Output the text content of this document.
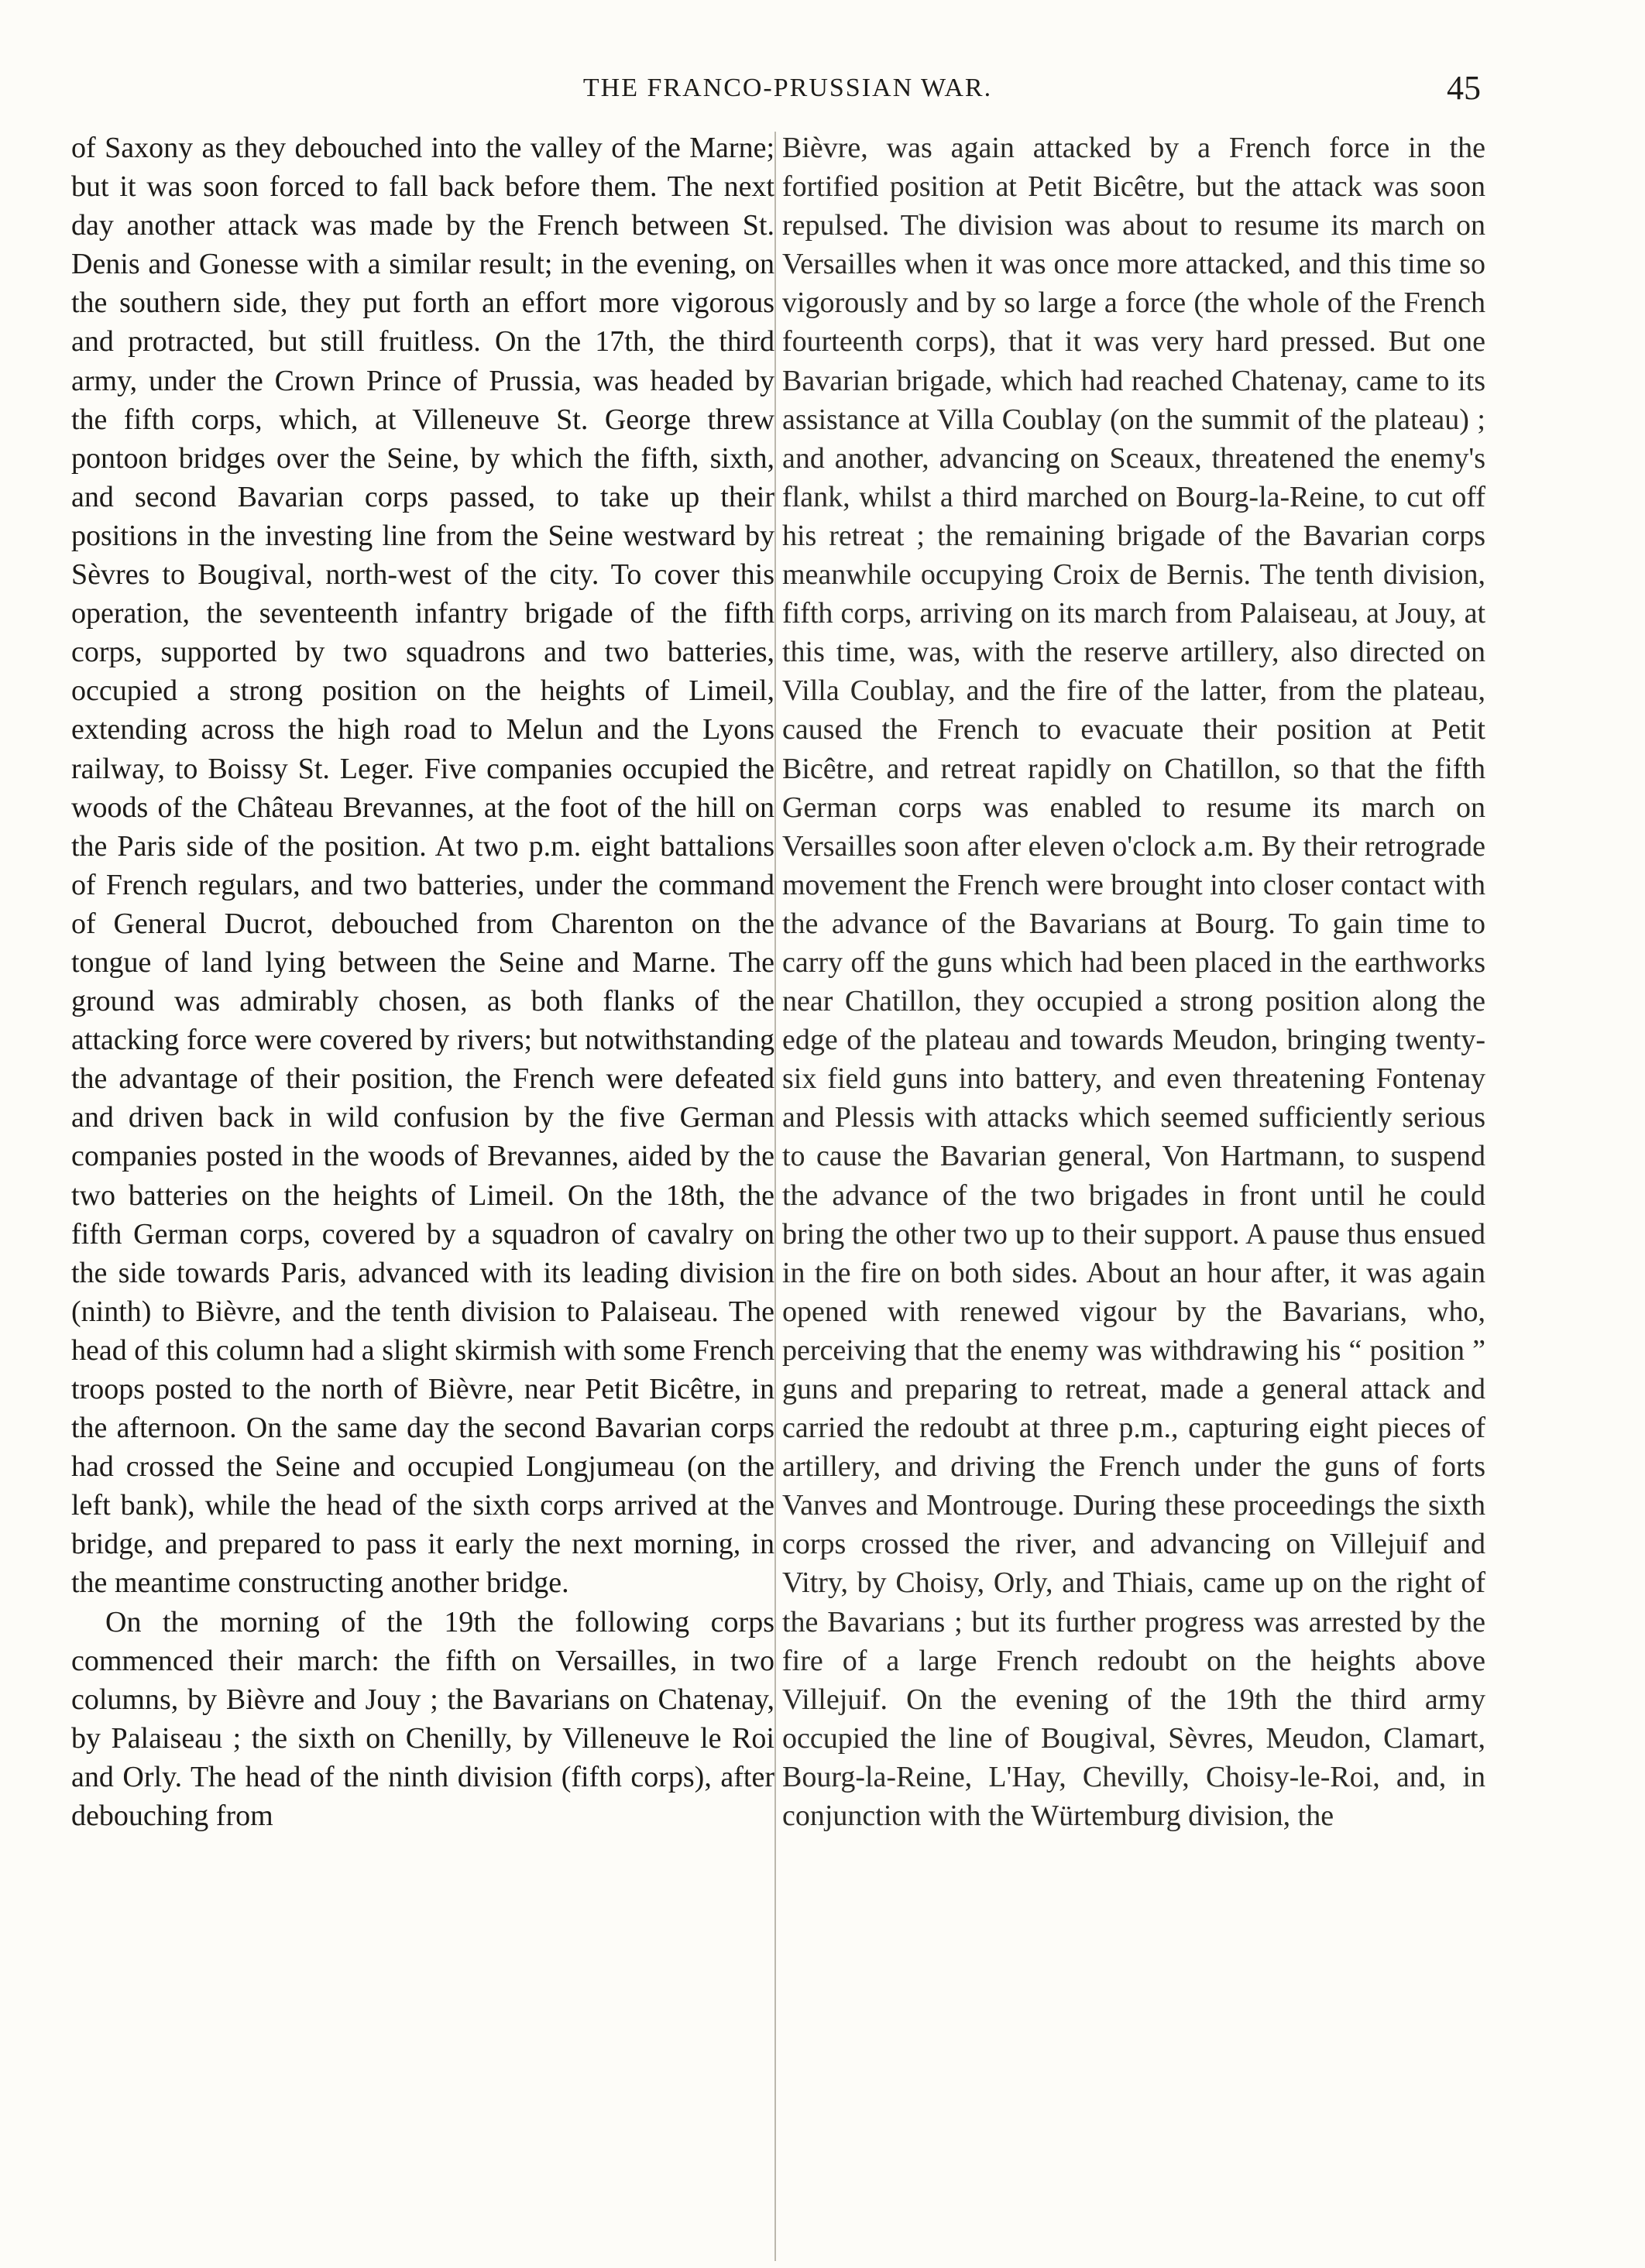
THE FRANCO-PRUSSIAN WAR.	45

of Saxony as they debouched into the valley of the Marne; but it was soon forced to fall back before them. The next day another attack was made by the French between St. Denis and Gonesse with a similar result; in the evening, on the southern side, they put forth an effort more vigorous and protracted, but still fruitless. On the 17th, the third army, under the Crown Prince of Prussia, was headed by the fifth corps, which, at Villeneuve St. George threw pontoon bridges over the Seine, by which the fifth, sixth, and second Bavarian corps passed, to take up their positions in the investing line from the Seine westward by Sèvres to Bougival, north-west of the city. To cover this operation, the seventeenth infantry brigade of the fifth corps, supported by two squadrons and two batteries, occupied a strong position on the heights of Limeil, extending across the high road to Melun and the Lyons railway, to Boissy St. Leger. Five companies occupied the woods of the Château Brevannes, at the foot of the hill on the Paris side of the position. At two p.m. eight battalions of French regulars, and two batteries, under the command of General Ducrot, debouched from Charenton on the tongue of land lying between the Seine and Marne. The ground was admirably chosen, as both flanks of the attacking force were covered by rivers; but notwithstanding the advantage of their position, the French were defeated and driven back in wild confusion by the five German companies posted in the woods of Brevannes, aided by the two batteries on the heights of Limeil. On the 18th, the fifth German corps, covered by a squadron of cavalry on the side towards Paris, advanced with its leading division (ninth) to Bièvre, and the tenth division to Palaiseau. The head of this column had a slight skirmish with some French troops posted to the north of Bièvre, near Petit Bicêtre, in the afternoon. On the same day the second Bavarian corps had crossed the Seine and occupied Longjumeau (on the left bank), while the head of the sixth corps arrived at the bridge, and prepared to pass it early the next morning, in the meantime constructing another bridge.

On the morning of the 19th the following corps commenced their march: the fifth on Versailles, in two columns, by Bièvre and Jouy ; the Bavarians on Chatenay, by Palaiseau ; the sixth on Chenilly, by Villeneuve le Roi and Orly. The head of the ninth division (fifth corps), after debouching from

Bièvre, was again attacked by a French force in the fortified position at Petit Bicêtre, but the attack was soon repulsed. The division was about to resume its march on Versailles when it was once more attacked, and this time so vigorously and by so large a force (the whole of the French fourteenth corps), that it was very hard pressed. But one Bavarian brigade, which had reached Chatenay, came to its assistance at Villa Coublay (on the summit of the plateau) ; and another, advancing on Sceaux, threatened the enemy's flank, whilst a third marched on Bourg-la-Reine, to cut off his retreat ; the remaining brigade of the Bavarian corps meanwhile occupying Croix de Bernis. The tenth division, fifth corps, arriving on its march from Palaiseau, at Jouy, at this time, was, with the reserve artillery, also directed on Villa Coublay, and the fire of the latter, from the plateau, caused the French to evacuate their position at Petit Bicêtre, and retreat rapidly on Chatillon, so that the fifth German corps was enabled to resume its march on Versailles soon after eleven o'clock a.m. By their retrograde movement the French were brought into closer contact with the advance of the Bavarians at Bourg. To gain time to carry off the guns which had been placed in the earthworks near Chatillon, they occupied a strong position along the edge of the plateau and towards Meudon, bringing twenty-six field guns into battery, and even threatening Fontenay and Plessis with attacks which seemed sufficiently serious to cause the Bavarian general, Von Hartmann, to suspend the advance of the two brigades in front until he could bring the other two up to their support. A pause thus ensued in the fire on both sides. About an hour after, it was again opened with renewed vigour by the Bavarians, who, perceiving that the enemy was withdrawing his “ position ” guns and preparing to retreat, made a general attack and carried the redoubt at three p.m., capturing eight pieces of artillery, and driving the French under the guns of forts Vanves and Montrouge. During these proceedings the sixth corps crossed the river, and advancing on Villejuif and Vitry, by Choisy, Orly, and Thiais, came up on the right of the Bavarians ; but its further progress was arrested by the fire of a large French redoubt on the heights above Villejuif. On the evening of the 19th the third army occupied the line of Bougival, Sèvres, Meudon, Clamart, Bourg-la-Reine, L'Hay, Chevilly, Choisy-le-Roi, and, in conjunction with the Würtemburg division, the
